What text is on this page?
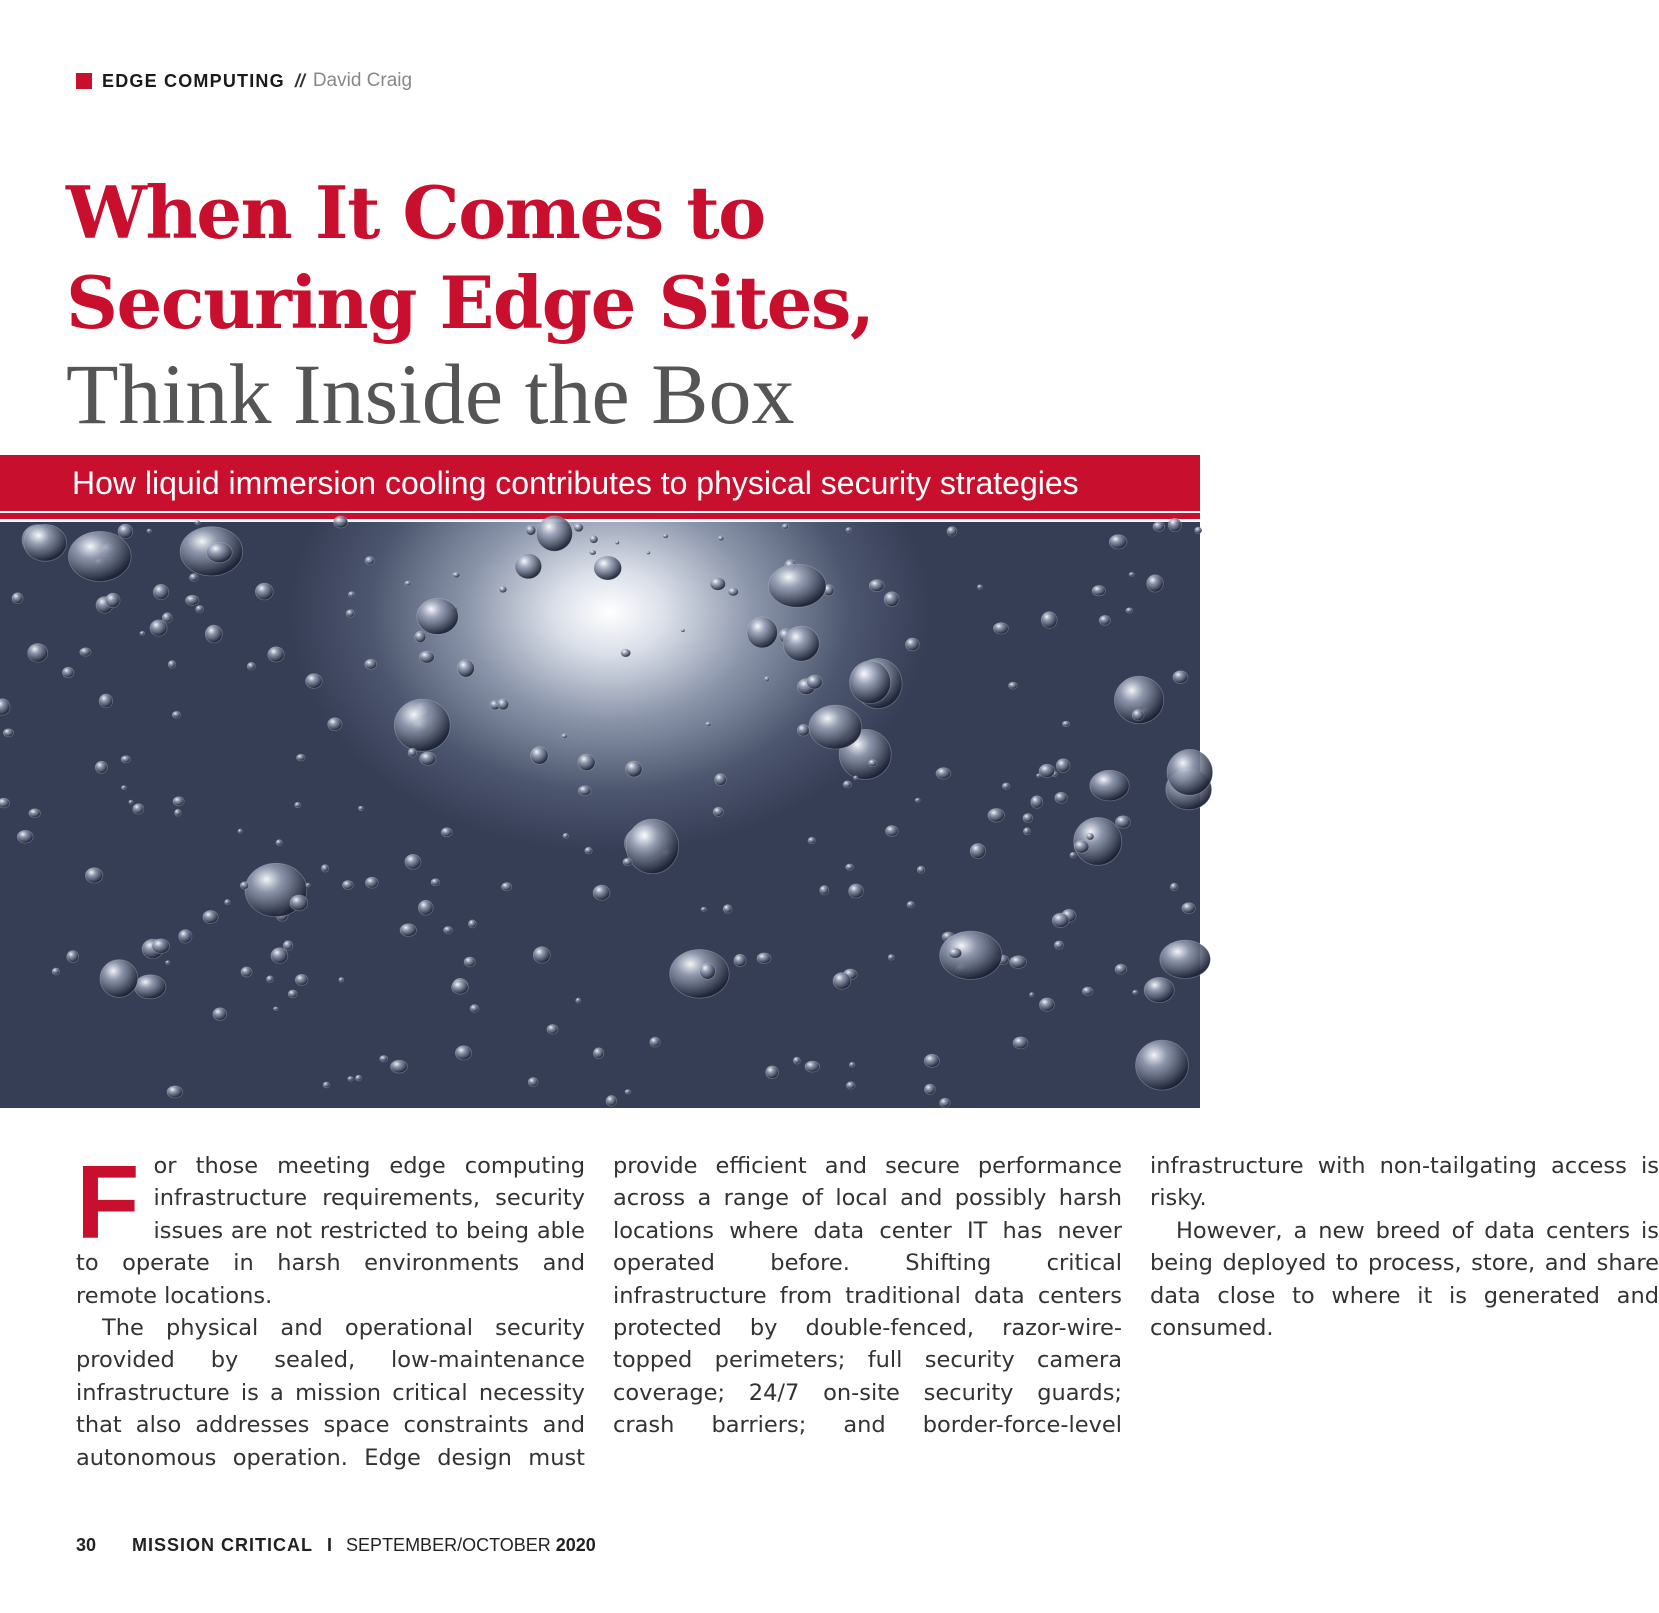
EDGE COMPUTING // David Craig
When It Comes to
Securing Edge Sites,
Think Inside the Box
How liquid immersion cooling contributes to physical security strategies

For those meeting edge computing infrastructure requirements, security issues are not restricted to being able to operate in harsh environments and remote locations.

The physical and operational security provided by sealed, low-maintenance infrastructure is a mission critical necessity that also addresses space constraints and autonomous operation. Edge design must provide efficient and secure performance across a range of local and possibly harsh locations where data center IT has never operated before. Shifting critical infrastructure from traditional data centers protected by double-fenced, razor-wire-topped perimeters; full security camera coverage; 24/7 on-site security guards; crash barriers; and border-force-level infrastructure with non-tailgating access is risky.

However, a new breed of data centers is being deployed to process, store, and share data close to where it is generated and consumed.

30 MISSION CRITICAL I SEPTEMBER/OCTOBER 2020
